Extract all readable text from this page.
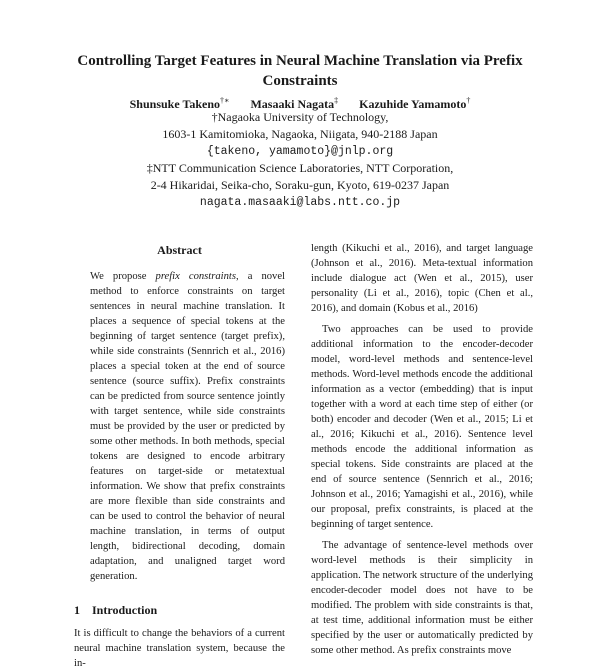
Controlling Target Features in Neural Machine Translation via Prefix Constraints
Shunsuke Takeno†∗ Masaaki Nagata‡ Kazuhide Yamamoto†
†Nagaoka University of Technology,
1603-1 Kamitomioka, Nagaoka, Niigata, 940-2188 Japan
{takeno, yamamoto}@jnlp.org
‡NTT Communication Science Laboratories, NTT Corporation,
2-4 Hikaridai, Seika-cho, Soraku-gun, Kyoto, 619-0237 Japan
nagata.masaaki@labs.ntt.co.jp
Abstract

We propose prefix constraints, a novel method to enforce constraints on target sentences in neural machine translation. It places a sequence of special tokens at the beginning of target sentence (target prefix), while side constraints (Sennrich et al., 2016) places a special token at the end of source sentence (source suffix). Prefix constraints can be predicted from source sentence jointly with target sentence, while side constraints must be provided by the user or predicted by some other methods. In both methods, special tokens are designed to encode arbitrary features on target-side or metatextual information. We show that prefix constraints are more flexible than side constraints and can be used to control the behavior of neural machine translation, in terms of output length, bidirectional decoding, domain adaptation, and unaligned target word generation.

1 Introduction

It is difficult to change the behaviors of a current neural machine translation system, because the in-

length (Kikuchi et al., 2016), and target language (Johnson et al., 2016). Meta-textual information include dialogue act (Wen et al., 2015), user personality (Li et al., 2016), topic (Chen et al., 2016), and domain (Kobus et al., 2016)

Two approaches can be used to provide additional information to the encoder-decoder model, word-level methods and sentence-level methods. Word-level methods encode the additional information as a vector (embedding) that is input together with a word at each time step of either (or both) encoder and decoder (Wen et al., 2015; Li et al., 2016; Kikuchi et al., 2016). Sentence level methods encode the additional information as special tokens. Side constraints are placed at the end of source sentence (Sennrich et al., 2016; Johnson et al., 2016; Yamagishi et al., 2016), while our proposal, prefix constraints, is placed at the beginning of target sentence.

The advantage of sentence-level methods over word-level methods is their simplicity in application. The network structure of the underlying encoder-decoder model does not have to be modified. The problem with side constraints is that, at test time, additional information must be either specified by the user or automatically predicted by some other method. As prefix constraints move
